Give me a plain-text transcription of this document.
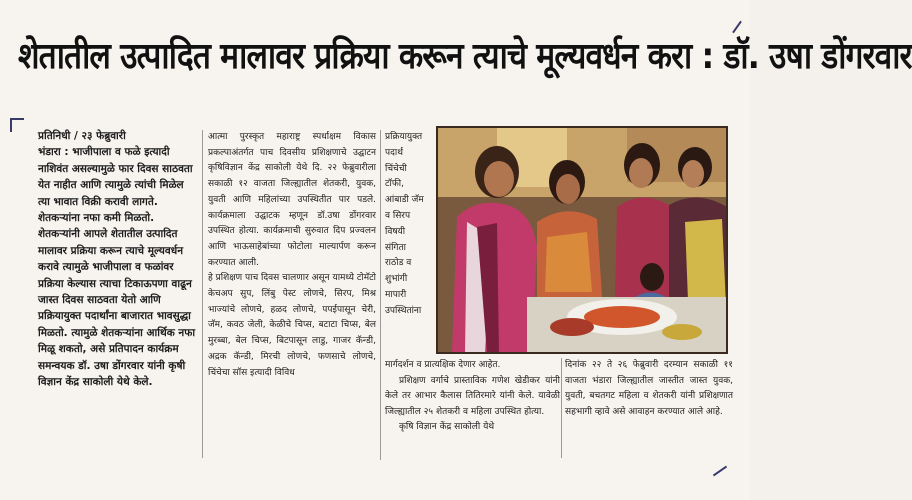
शेतातील उत्पादित मालावर प्रक्रिया करून त्याचे मूल्यवर्धन करा : डॉ. उषा डोंगरवार
प्रतिनिधी / २३ फेब्रुवारी

भंडारा : भाजीपाला व फळे इत्यादी नाशिवंत असल्यामुळे फार दिवस साठवता येत नाहीत आणि त्यामुळे त्यांची मिळेल त्या भावात विक्री करावी लागते. शेतकऱ्यांना नफा कमी मिळतो. शेतकऱ्यांनी आपले शेतातील उत्पादित मालावर प्रक्रिया करून त्याचे मूल्यवर्धन करावे त्यामुळे भाजीपाला व फळांवर प्रक्रिया केल्यास त्याचा टिकाऊपणा वाढून जास्त दिवस साठवता येतो आणि प्रक्रियायुक्त पदार्थांना बाजारात भावसुद्धा मिळतो. त्यामुळे शेतकऱ्यांना आर्थिक नफा मिळू शकतो, असे प्रतिपादन कार्यक्रम समन्वयक डॉ. उषा डोंगरवार यांनी कृषी विज्ञान केंद्र साकोली येथे केले.

आत्मा पुरस्कृत महाराष्ट्र स्पर्धाक्षम विकास प्रकल्पाअंतर्गत पाच दिवसीय प्रशिक्षणाचे उद्घाटन कृषिविज्ञान केंद्र साकोली येथे दि. २२ फेब्रुवारीला सकाळी १२ वाजता जिल्ह्यातील शेतकरी, युवक, युवती आणि महिलांच्या उपस्थितीत पार पडले. कार्यक्रमाला उद्घाटक म्हणून डॉ.उषा डोंगरवार उपस्थित होत्या. कार्यक्रमाची सुरुवात दिप प्रज्वलन आणि भाऊसाहेबांच्या फोटोला माल्यार्पण करून करण्यात आली.

हे प्रशिक्षण पाच दिवस चालणार असून यामध्ये टोमॅटो केचअप सुप, लिंबु पेस्ट लोणचे, सिरप, मिश्र भाज्यांचे लोणचे, हळद लोणचे, पपईपासून चेरी, जॅम, कवठ जेली, केळीचे चिप्स, बटाटा चिप्स, बेल मुरब्बा, बेल चिप्स, बिटपासून लाडु, गाजर कॅन्डी, अद्रक कॅन्डी, मिरची लोणचे, फणसाचे लोणचे, चिंचेचा सॉस इत्यादी विविध

प्रक्रियायुक्त

पदार्थ

चिंचेची

टॉफी,

आंबाडी जॅम

व सिरप

विषयी

संगिता

राठोड व

शुभांगी

मापारी

उपस्थितांना

मार्गदर्शन व प्रात्यक्षिक देणार आहेत.

प्रशिक्षण वर्गाचे प्रास्ताविक गणेश खेडीकर यांनी केले तर आभार कैलास तितिरमारे यांनी केले. यावेळी जिल्ह्यातील २५ शेतकरी व महिला उपस्थित होत्या.

कृषि विज्ञान केंद्र साकोली येथे

दिनांक २२ ते २६ फेब्रुवारी दरम्यान सकाळी ११ वाजता भंडारा जिल्ह्यातील जास्तीत जास्त युवक, युवती, बचतगट महिला व शेतकरी यांनी प्रशिक्षणात सहभागी व्हावे असे आवाहन करण्यात आले आहे.
